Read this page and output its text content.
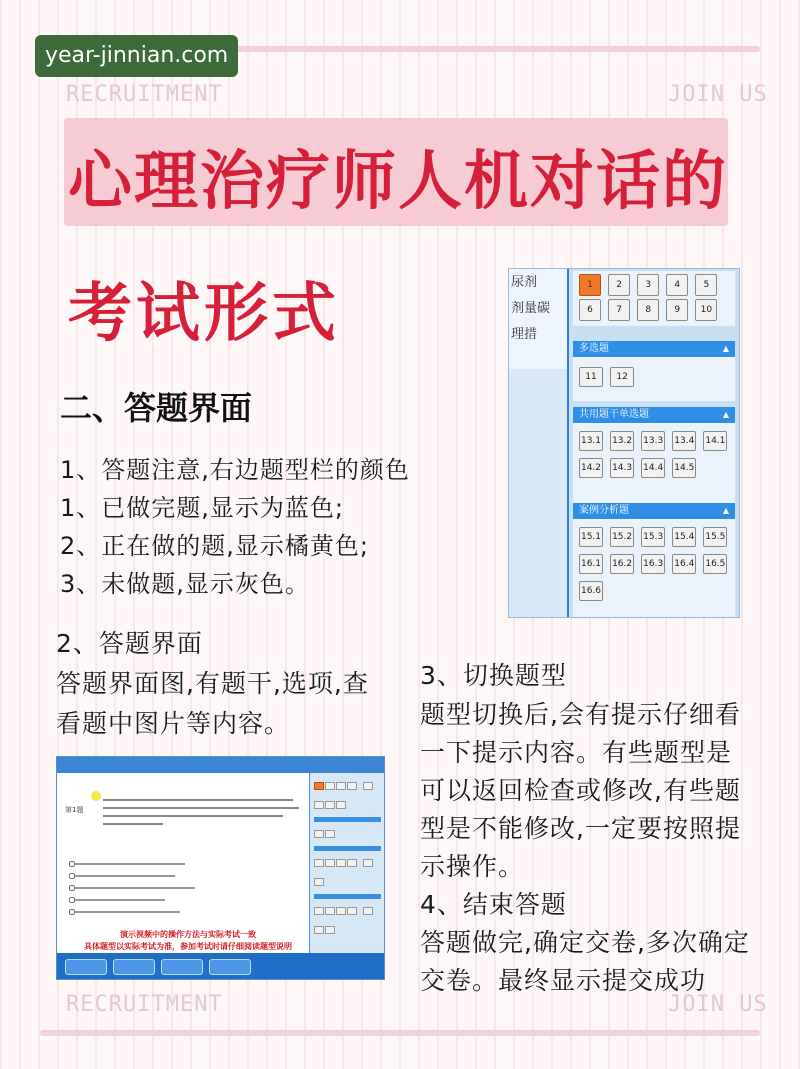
year-jinnian.com
RECRUITMENT	JOIN US
RECRUITMENT	JOIN US
心理治疗师人机对话的
考试形式
二、答题界面
1、答题注意,右边题型栏的颜色
1、已做完题,显示为蓝色;
2、正在做的题,显示橘黄色;
3、未做题,显示灰色。
2、答题界面
答题界面图,有题干,选项,查
看题中图片等内容。
3、切换题型
题型切换后,会有提示仔细看
一下提示内容。有些题型是
可以返回检查或修改,有些题
型是不能修改,一定要按照提
示操作。
4、结束答题
答题做完,确定交卷,多次确定
交卷。最终显示提交成功
尿剂
剂量碳
理措
1	2	3	4	5 6	7	8	9 10
多选题	▲
11 12
共用题干单选题	▲
13.1 13.2 13.3 13.4 14.1 14.2 14.3 14.4 14.5
案例分析题	▲
15.1 15.2 15.3 15.4 15.5 16.1 16.2 16.3 16.4 16.5 16.6
第1题
演示视频中的操作方法与实际考试一致
具体题型以实际考试为准，参加考试时请仔细阅读题型说明
